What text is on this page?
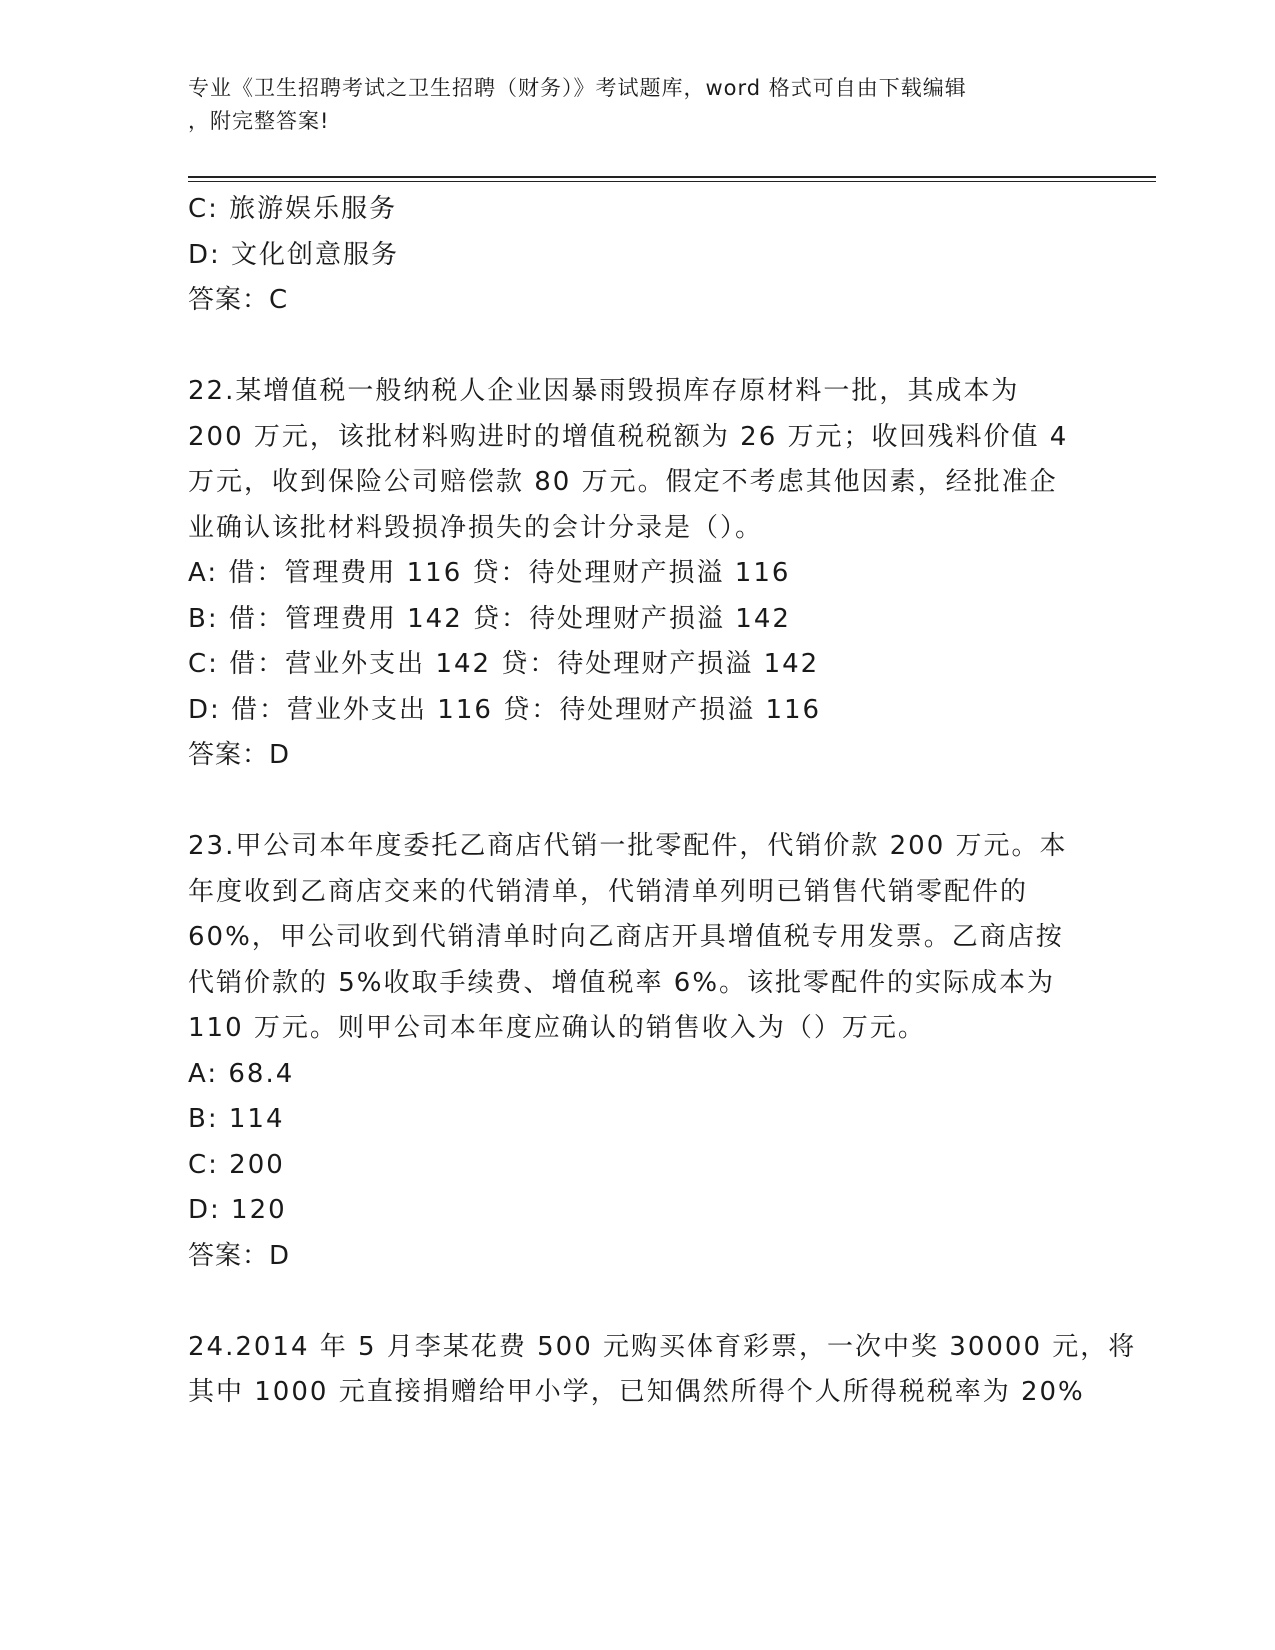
专业《卫生招聘考试之卫生招聘（财务）》考试题库，word 格式可自由下载编辑
，附完整答案!
C: 旅游娱乐服务
D: 文化创意服务
答案：C
22.某增值税一般纳税人企业因暴雨毁损库存原材料一批，其成本为
200 万元，该批材料购进时的增值税税额为 26 万元；收回残料价值 4
万元，收到保险公司赔偿款 80 万元。假定不考虑其他因素，经批准企
业确认该批材料毁损净损失的会计分录是（）。
A: 借：管理费用 116 贷：待处理财产损溢 116
B: 借：管理费用 142 贷：待处理财产损溢 142
C: 借：营业外支出 142 贷：待处理财产损溢 142
D: 借：营业外支出 116 贷：待处理财产损溢 116
答案：D
23.甲公司本年度委托乙商店代销一批零配件，代销价款 200 万元。本
年度收到乙商店交来的代销清单，代销清单列明已销售代销零配件的
60%，甲公司收到代销清单时向乙商店开具增值税专用发票。乙商店按
代销价款的 5%收取手续费、增值税率 6%。该批零配件的实际成本为
110 万元。则甲公司本年度应确认的销售收入为（）万元。
A: 68.4
B: 114
C: 200
D: 120
答案：D
24.2014 年 5 月李某花费 500 元购买体育彩票，一次中奖 30000 元，将
其中 1000 元直接捐赠给甲小学，已知偶然所得个人所得税税率为 20%
